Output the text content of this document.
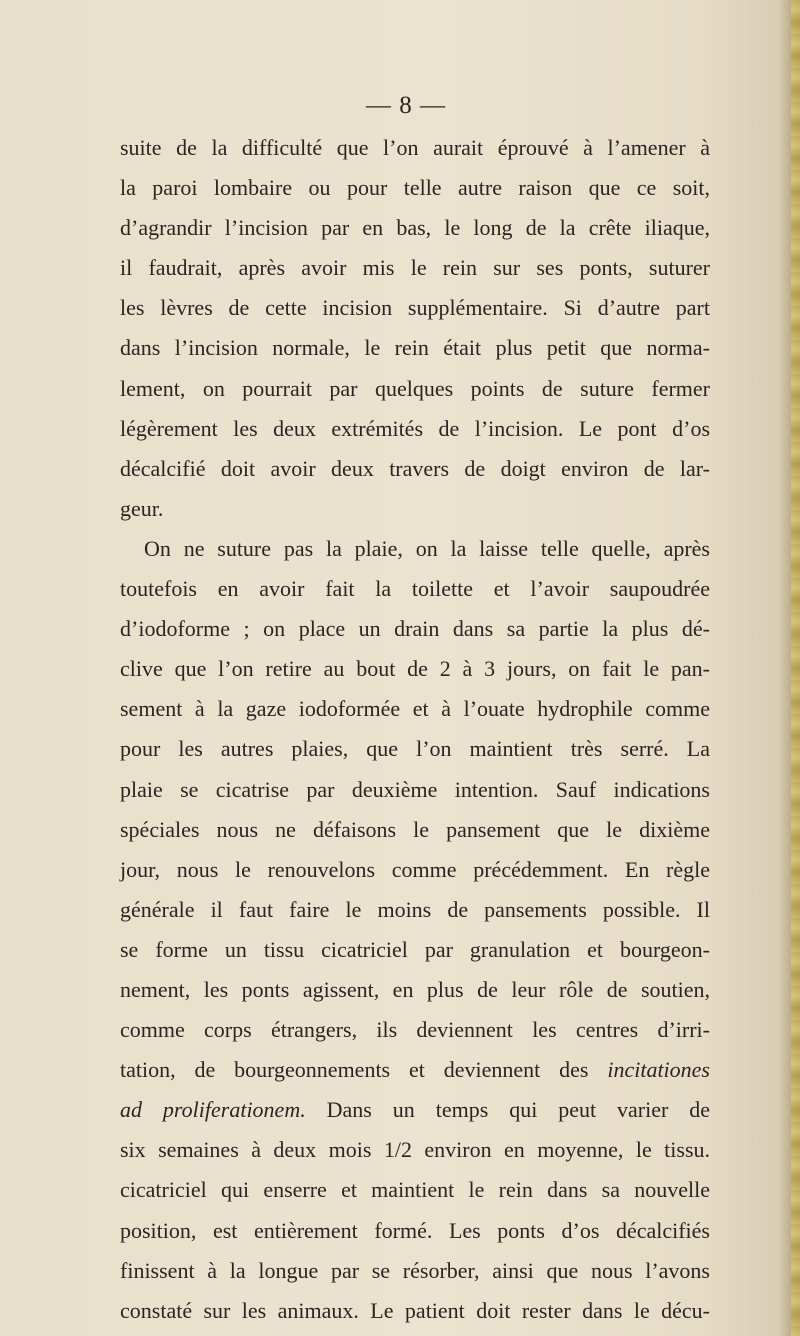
— 8 —
suite de la difficulté que l’on aurait éprouvé à l’amener à
la paroi lombaire ou pour telle autre raison que ce soit,
d’agrandir l’incision par en bas, le long de la crête iliaque,
il faudrait, après avoir mis le rein sur ses ponts, suturer
les lèvres de cette incision supplémentaire. Si d’autre part
dans l’incision normale, le rein était plus petit que norma-
lement, on pourrait par quelques points de suture fermer
légèrement les deux extrémités de l’incision. Le pont d’os
décalcifié doit avoir deux travers de doigt environ de lar-
geur.
On ne suture pas la plaie, on la laisse telle quelle, après
toutefois en avoir fait la toilette et l’avoir saupoudrée
d’iodoforme ; on place un drain dans sa partie la plus dé-
clive que l’on retire au bout de 2 à 3 jours, on fait le pan-
sement à la gaze iodoformée et à l’ouate hydrophile comme
pour les autres plaies, que l’on maintient très serré. La
plaie se cicatrise par deuxième intention. Sauf indications
spéciales nous ne défaisons le pansement que le dixième
jour, nous le renouvelons comme précédemment. En règle
générale il faut faire le moins de pansements possible. Il
se forme un tissu cicatriciel par granulation et bourgeon-
nement, les ponts agissent, en plus de leur rôle de soutien,
comme corps étrangers, ils deviennent les centres d’irri-
tation, de bourgeonnements et deviennent des incitationes
ad proliferationem. Dans un temps qui peut varier de
six semaines à deux mois 1/2 environ en moyenne, le tissu.
cicatriciel qui enserre et maintient le rein dans sa nouvelle
position, est entièrement formé. Les ponts d’os décalcifiés
finissent à la longue par se résorber, ainsi que nous l’avons
constaté sur les animaux. Le patient doit rester dans le décu-
